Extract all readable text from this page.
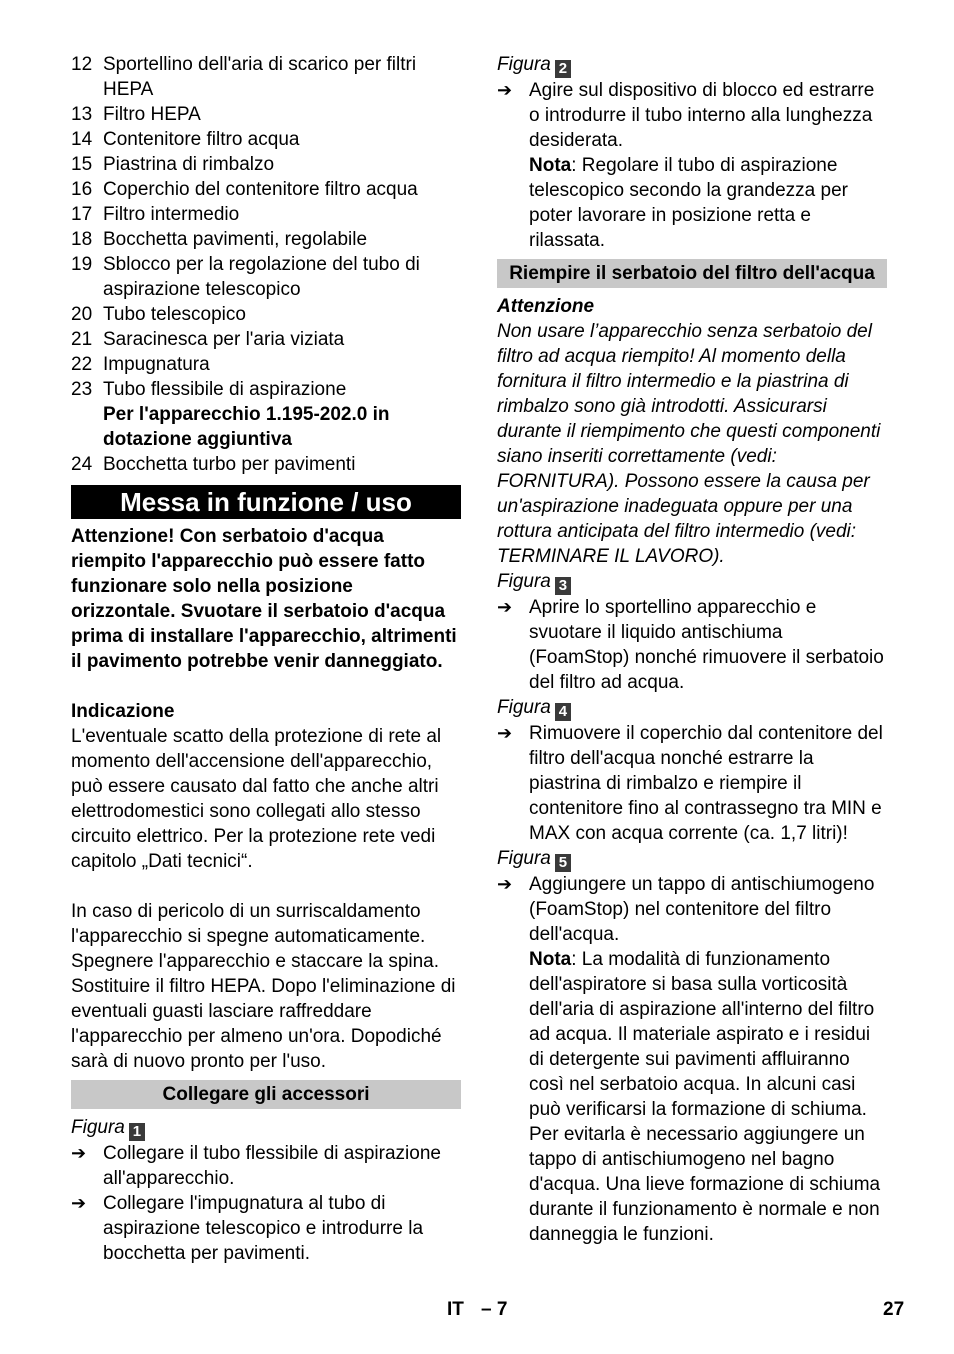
12 Sportellino dell'aria di scarico per filtri HEPA
13 Filtro HEPA
14 Contenitore filtro acqua
15 Piastrina di rimbalzo
16 Coperchio del contenitore filtro acqua
17 Filtro intermedio
18 Bocchetta pavimenti, regolabile
19 Sblocco per la regolazione del tubo di aspirazione telescopico
20 Tubo telescopico
21 Saracinesca per l'aria viziata
22 Impugnatura
23 Tubo flessibile di aspirazione
Per l'apparecchio 1.195-202.0 in dotazione aggiuntiva
24 Bocchetta turbo per pavimenti
Messa in funzione / uso
Attenzione! Con serbatoio d'acqua riempito l'apparecchio può essere fatto funzionare solo nella posizione orizzontale. Svuotare il serbatoio d'acqua prima di installare l'apparecchio, altrimenti il pavimento potrebbe venir danneggiato.
Indicazione
L'eventuale scatto della protezione di rete al momento dell'accensione dell'apparecchio, può essere causato dal fatto che anche altri elettrodomestici sono collegati allo stesso circuito elettrico. Per la protezione rete vedi capitolo „Dati tecnici“.
In caso di pericolo di un surriscaldamento l'apparecchio si spegne automaticamente. Spegnere l'apparecchio e staccare la spina. Sostituire il filtro HEPA. Dopo l'eliminazione di eventuali guasti lasciare raffreddare l'apparecchio per almeno un'ora. Dopodiché sarà di nuovo pronto per l'uso.
Collegare gli accessori
Figura 1
➔ Collegare il tubo flessibile di aspirazione all'apparecchio.
➔ Collegare l'impugnatura al tubo di aspirazione telescopico e introdurre la bocchetta per pavimenti.
Figura 2
➔ Agire sul dispositivo di blocco ed estrarre o introdurre il tubo interno alla lunghezza desiderata.
Nota: Regolare il tubo di aspirazione telescopico secondo la grandezza per poter lavorare in posizione retta e rilassata.
Riempire il serbatoio del filtro dell'acqua
Attenzione
Non usare l’apparecchio senza serbatoio del filtro ad acqua riempito! Al momento della fornitura il filtro intermedio e la piastrina di rimbalzo sono già introdotti. Assicurarsi durante il riempimento che questi componenti siano inseriti correttamente (vedi: FORNITURA). Possono essere la causa per un'aspirazione inadeguata oppure per una rottura anticipata del filtro intermedio (vedi: TERMINARE IL LAVORO).
Figura 3
➔ Aprire lo sportellino apparecchio e svuotare il liquido antischiuma (FoamStop) nonché rimuovere il serbatoio del filtro ad acqua.
Figura 4
➔ Rimuovere il coperchio dal contenitore del filtro dell'acqua nonché estrarre la piastrina di rimbalzo e riempire il contenitore fino al contrassegno tra MIN e MAX con acqua corrente (ca. 1,7 litri)!
Figura 5
➔ Aggiungere un tappo di antischiumogeno (FoamStop) nel contenitore del filtro dell'acqua.
Nota: La modalità di funzionamento dell'aspiratore si basa sulla vorticosità dell'aria di aspirazione all'interno del filtro ad acqua. Il materiale aspirato e i residui di detergente sui pavimenti affluiranno così nel serbatoio acqua. In alcuni casi può verificarsi la formazione di schiuma. Per evitarla è necessario aggiungere un tappo di antischiumogeno nel bagno d'acqua. Una lieve formazione di schiuma durante il funzionamento è normale e non danneggia le funzioni.
IT – 7	27
